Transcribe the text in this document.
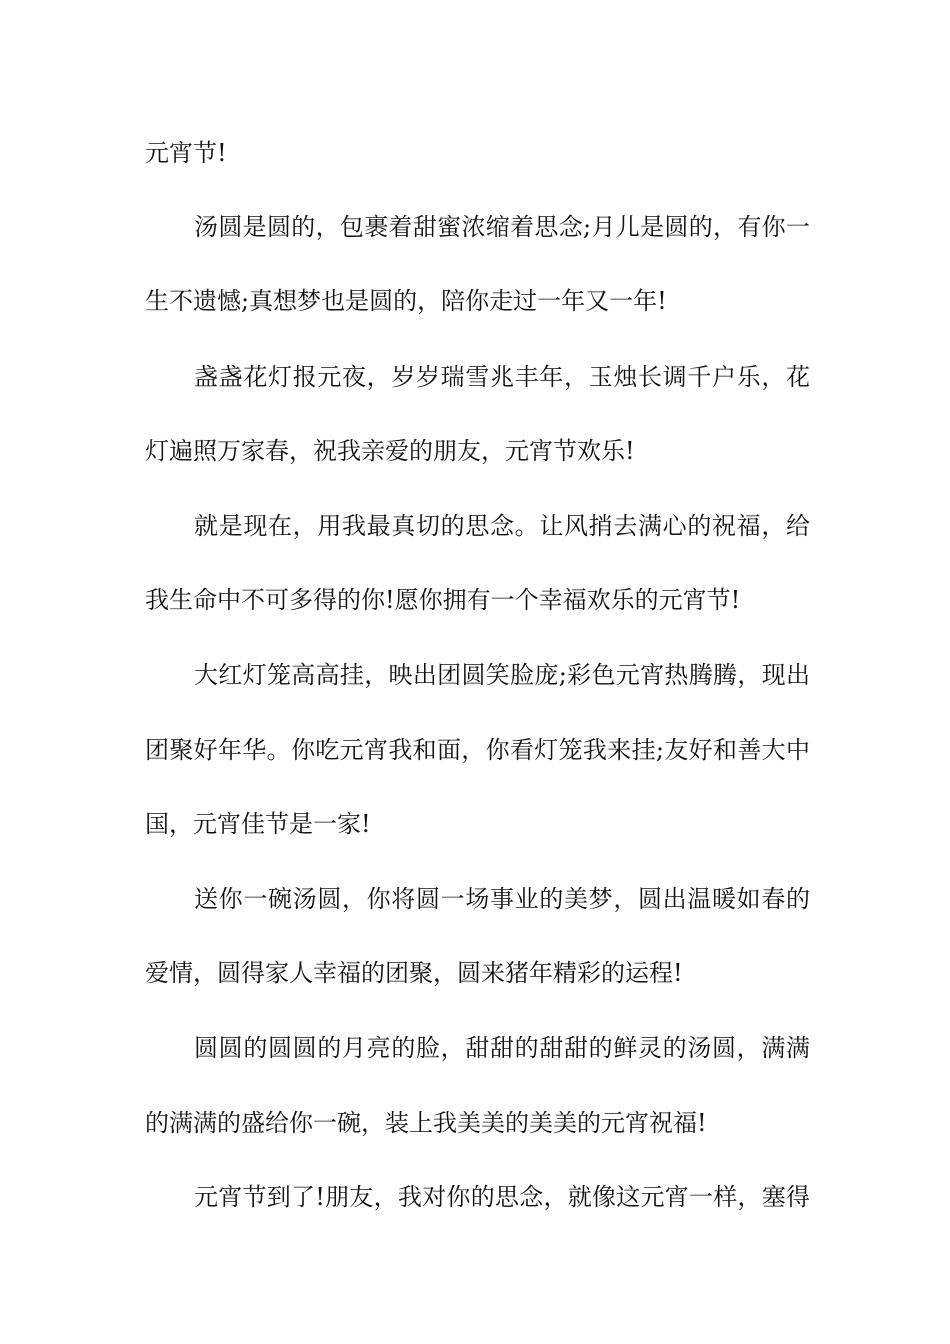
元宵节!
汤圆是圆的，包裹着甜蜜浓缩着思念;月儿是圆的，有你一
生不遗憾;真想梦也是圆的，陪你走过一年又一年!
盏盏花灯报元夜，岁岁瑞雪兆丰年，玉烛长调千户乐，花
灯遍照万家春，祝我亲爱的朋友，元宵节欢乐!
就是现在，用我最真切的思念。让风捎去满心的祝福，给
我生命中不可多得的你!愿你拥有一个幸福欢乐的元宵节!
大红灯笼高高挂，映出团圆笑脸庞;彩色元宵热腾腾，现出
团聚好年华。你吃元宵我和面，你看灯笼我来挂;友好和善大中
国，元宵佳节是一家!
送你一碗汤圆，你将圆一场事业的美梦，圆出温暖如春的
爱情，圆得家人幸福的团聚，圆来猪年精彩的运程!
圆圆的圆圆的月亮的脸，甜甜的甜甜的鲜灵的汤圆，满满
的满满的盛给你一碗，装上我美美的美美的元宵祝福!
元宵节到了!朋友，我对你的思念，就像这元宵一样，塞得
